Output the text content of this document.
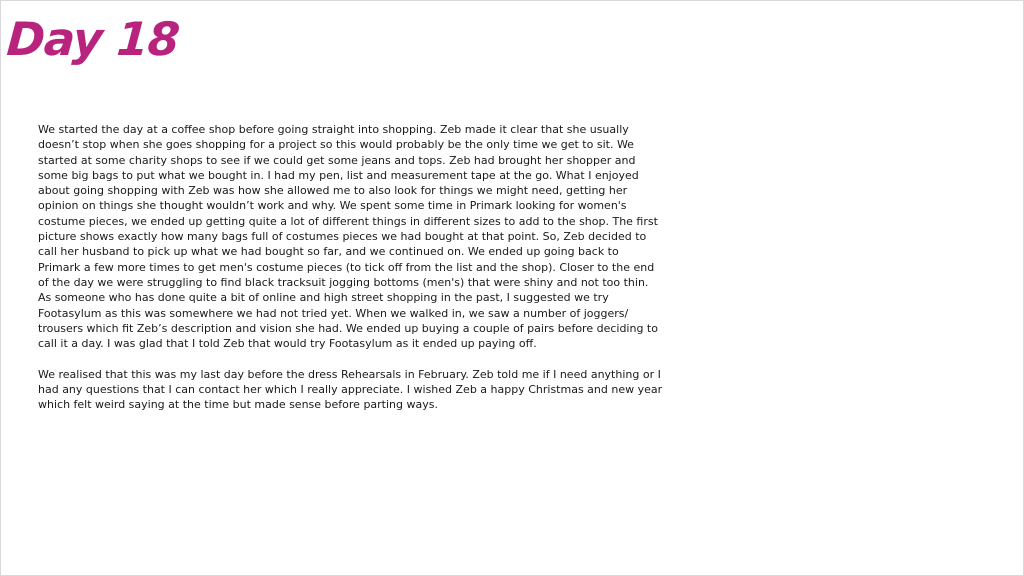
Day 18

We started the day at a coffee shop before going straight into shopping. Zeb made it clear that she usually doesn’t stop when she goes shopping for a project so this would probably be the only time we get to sit. We started at some charity shops to see if we could get some jeans and tops. Zeb had brought her shopper and some big bags to put what we bought in. I had my pen, list and measurement tape at the go. What I enjoyed about going shopping with Zeb was how she allowed me to also look for things we might need, getting her opinion on things she thought wouldn’t work and why. We spent some time in Primark looking for women's costume pieces, we ended up getting quite a lot of different things in different sizes to add to the shop. The first picture shows exactly how many bags full of costumes pieces we had bought at that point. So, Zeb decided to call her husband to pick up what we had bought so far, and we continued on. We ended up going back to Primark a few more times to get men's costume pieces (to tick off from the list and the shop). Closer to the end of the day we were struggling to find black tracksuit jogging bottoms (men's) that were shiny and not too thin. As someone who has done quite a bit of online and high street shopping in the past, I suggested we try Footasylum as this was somewhere we had not tried yet. When we walked in, we saw a number of joggers/ trousers which fit Zeb’s description and vision she had. We ended up buying a couple of pairs before deciding to call it a day. I was glad that I told Zeb that would try Footasylum as it ended up paying off.

We realised that this was my last day before the dress Rehearsals in February. Zeb told me if I need anything or I had any questions that I can contact her which I really appreciate. I wished Zeb a happy Christmas and new year which felt weird saying at the time but made sense before parting ways.
